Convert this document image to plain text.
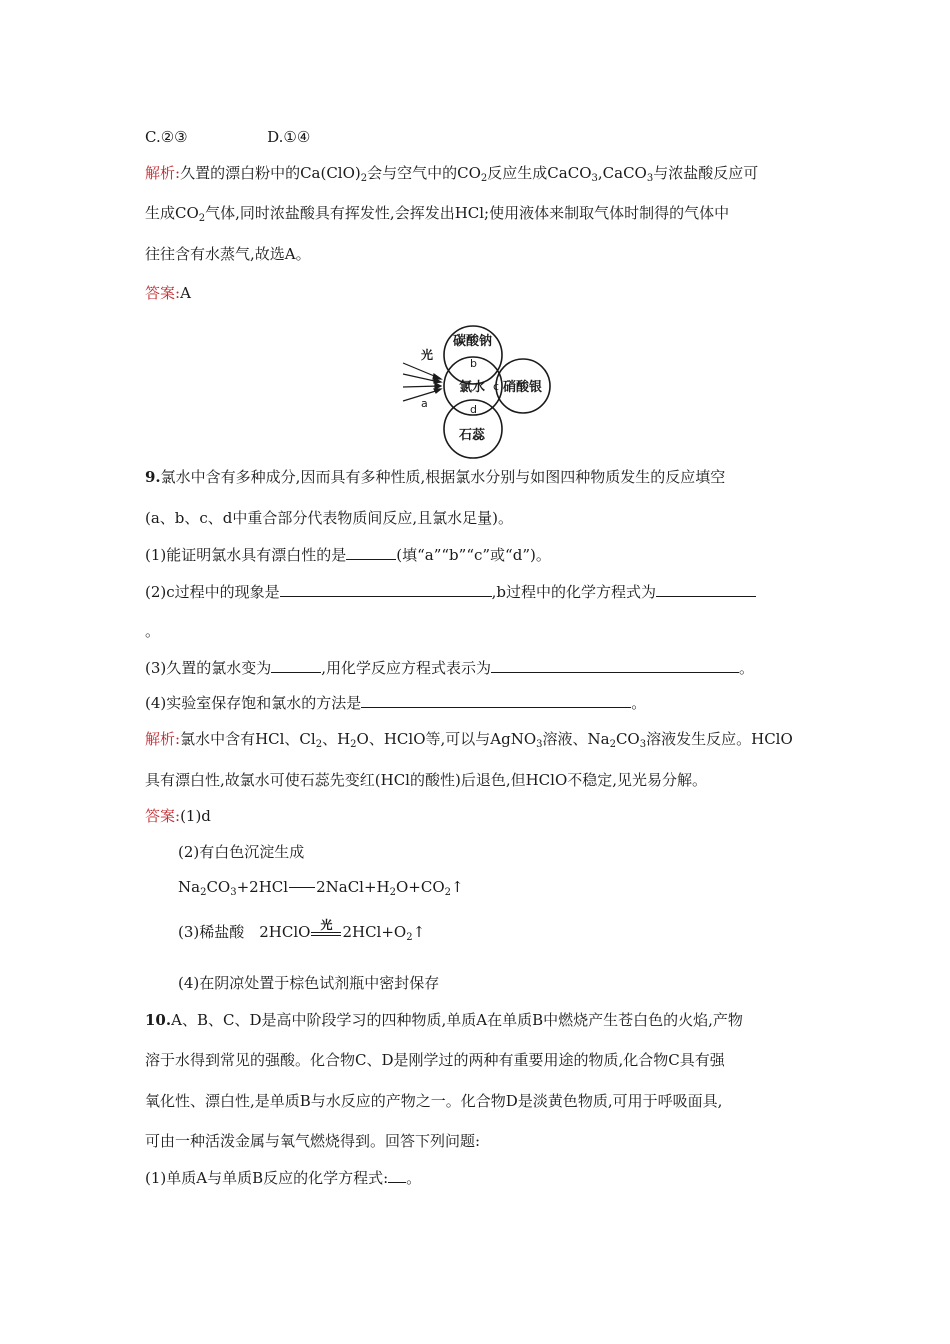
C.②③	D.①④
解析:久置的漂白粉中的$Ca(ClO)_2$会与空气中的$CO_2$反应生成CaCO$_3$,CaCO$_3$与浓盐酸反应可
生成$CO_2$气体,同时浓盐酸具有挥发性,会挥发出HCl;使用液体来制取气体时制得的气体中
往往含有水蒸气,故选A。
答案:A
光
a
碳酸钠
b
氯水 c 硝酸银
d
石蕊
9.氯水中含有多种成分,因而具有多种性质,根据氯水分别与如图四种物质发生的反应填空
(a、b、c、d中重合部分代表物质间反应,且氯水足量)。
(1)能证明氯水具有漂白性的是	(填“a”“b”“c”或“d”)。
(2)c过程中的现象是	,b过程中的化学方程式为
。
(3)久置的氯水变为	,用化学反应方程式表示为	。
(4)实验室保存饱和氯水的方法是	。
解析:氯水中含有HCl、$Cl_2$、$H_2O$、HClO等,可以与AgNO$_3$溶液、$Na_2CO_3$溶液发生反应。HClO
具有漂白性,故氯水可使石蕊先变红(HCl的酸性)后退色,但HClO不稳定,见光易分解。
答案:(1)d
(2)有白色沉淀生成
$Na_2CO_3+2HCl$ $2NaCl+H_2O+CO_2↑$
(3)稀盐酸　2HClO 光 $2HCl+O_2↑$
(4)在阴凉处置于棕色试剂瓶中密封保存
10.A、B、C、D是高中阶段学习的四种物质,单质A在单质B中燃烧产生苍白色的火焰,产物
溶于水得到常见的强酸。化合物C、D是刚学过的两种有重要用途的物质,化合物C具有强
氧化性、漂白性,是单质B与水反应的产物之一。化合物D是淡黄色物质,可用于呼吸面具,
可由一种活泼金属与氧气燃烧得到。回答下列问题:
(1)单质A与单质B反应的化学方程式: 。
